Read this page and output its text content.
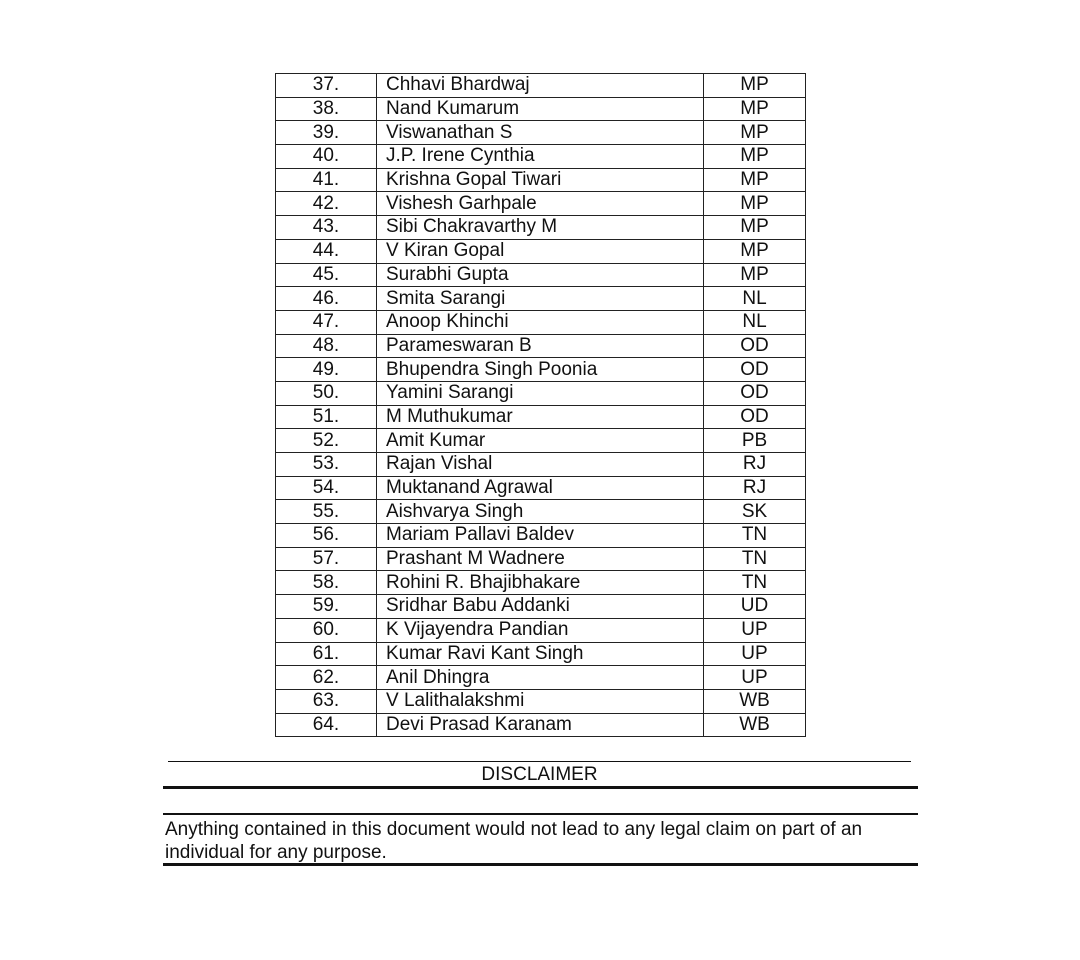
37.	Chhavi Bhardwaj	MP
38.	Nand Kumarum	MP
39.	Viswanathan S	MP
40.	J.P. Irene Cynthia	MP
41.	Krishna Gopal Tiwari	MP
42.	Vishesh Garhpale	MP
43.	Sibi Chakravarthy M	MP
44.	V Kiran Gopal	MP
45.	Surabhi Gupta	MP
46.	Smita Sarangi	NL
47.	Anoop Khinchi	NL
48.	Parameswaran B	OD
49.	Bhupendra Singh Poonia	OD
50.	Yamini Sarangi	OD
51.	M Muthukumar	OD
52.	Amit Kumar	PB
53.	Rajan Vishal	RJ
54.	Muktanand Agrawal	RJ
55.	Aishvarya Singh	SK
56.	Mariam Pallavi Baldev	TN
57.	Prashant M Wadnere	TN
58.	Rohini R. Bhajibhakare	TN
59.	Sridhar Babu Addanki	UD
60.	K Vijayendra Pandian	UP
61.	Kumar Ravi Kant Singh	UP
62.	Anil Dhingra	UP
63.	V Lalithalakshmi	WB
64.	Devi Prasad Karanam	WB
DISCLAIMER
Anything contained in this document would not lead to any legal claim on part of an individual for any purpose.
